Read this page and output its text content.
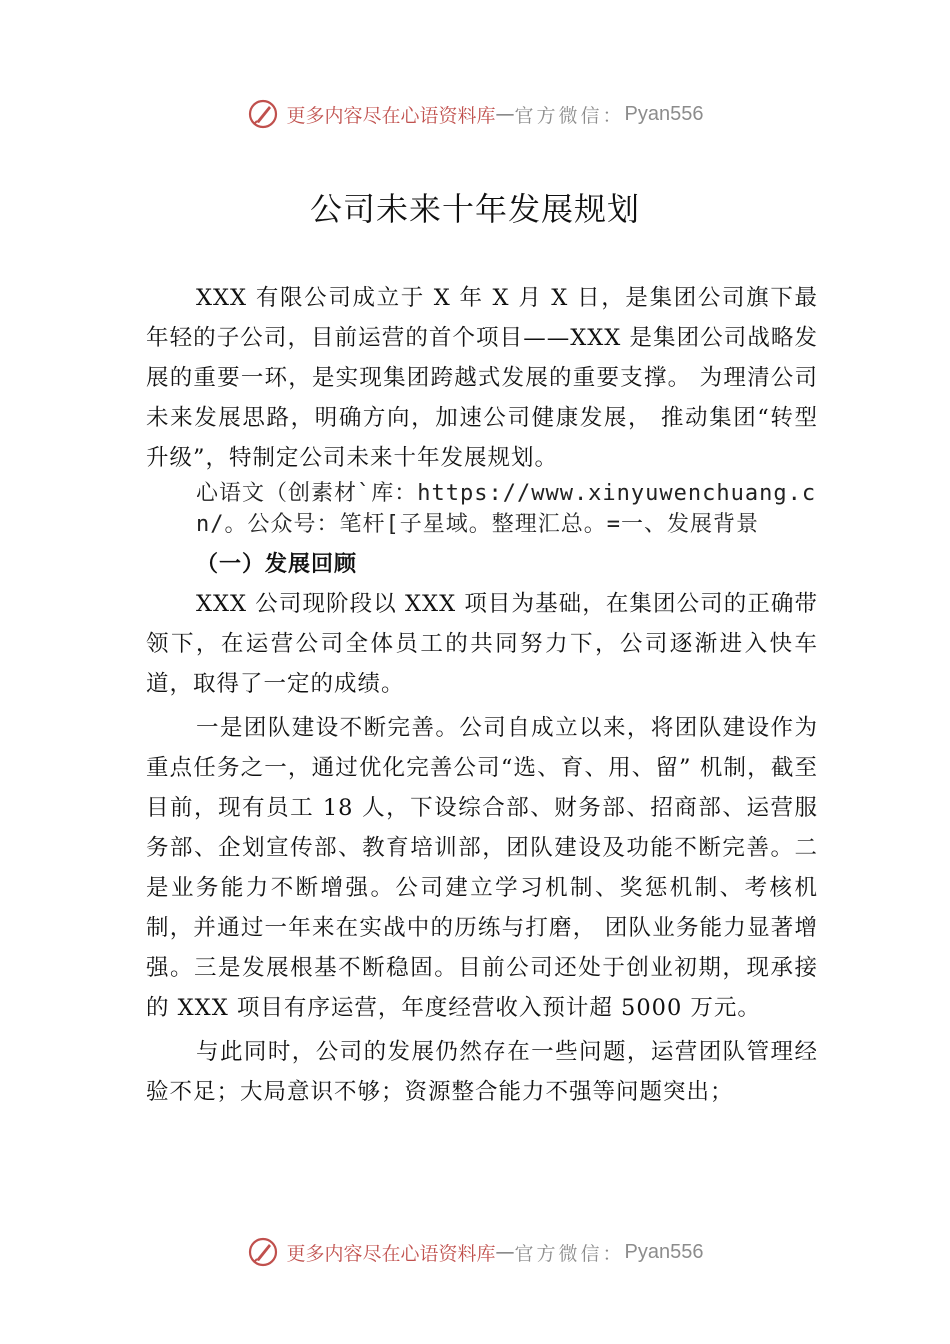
更多内容尽在心语资料库 — 官方微信： Pyan556
公司未来十年发展规划

XXX 有限公司成立于 X 年 X 月 X 日，是集团公司旗下最年轻的子公司，目前运营的首个项目——XXX 是集团公司战略发展的重要一环，是实现集团跨越式发展的重要支撑。 为理清公司未来发展思路，明确方向，加速公司健康发展， 推动集团“转型升级”，特制定公司未来十年发展规划。

心语文（创素材`库：https://www.xinyuwenchuang.cn/。公众号：笔杆[子星域。整理汇总。=一、发展背景

（一）发展回顾

XXX 公司现阶段以 XXX 项目为基础，在集团公司的正确带领下，在运营公司全体员工的共同努力下，公司逐渐进入快车道，取得了一定的成绩。

一是团队建设不断完善。公司自成立以来，将团队建设作为重点任务之一，通过优化完善公司“选、育、用、留” 机制，截至目前，现有员工 18 人，下设综合部、财务部、招商部、运营服务部、企划宣传部、教育培训部，团队建设及功能不断完善。二是业务能力不断增强。公司建立学习机制、奖惩机制、考核机制，并通过一年来在实战中的历练与打磨， 团队业务能力显著增强。三是发展根基不断稳固。目前公司还处于创业初期，现承接的 XXX 项目有序运营，年度经营收入预计超 5000 万元。

与此同时，公司的发展仍然存在一些问题，运营团队管理经验不足；大局意识不够；资源整合能力不强等问题突出；

更多内容尽在心语资料库 — 官方微信： Pyan556
